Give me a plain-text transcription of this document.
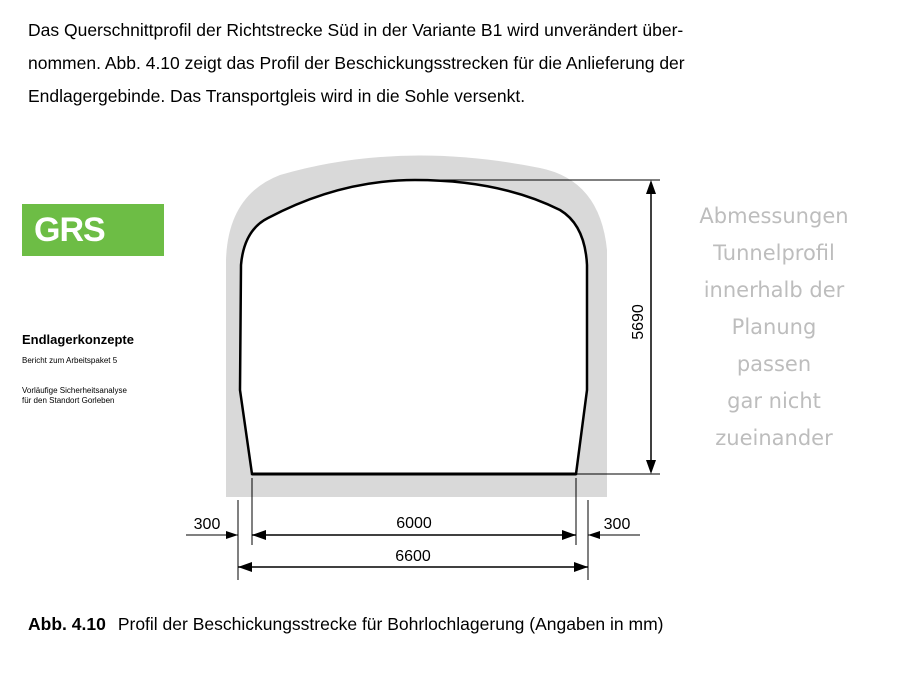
Das Querschnittprofil der Richtstrecke Süd in der Variante B1 wird unverändert über-
nommen. Abb. 4.10 zeigt das Profil der Beschickungsstrecken für die Anlieferung der
Endlagergebinde. Das Transportgleis wird in die Sohle versenkt.

GRS
Endlagerkonzepte
Bericht zum Arbeitspaket 5
Vorläufige Sicherheitsanalyse
für den Standort Gorleben
5690
300	6000	300
6600
Abmessungen
Tunnelprofil
innerhalb der
Planung
passen
gar nicht
zueinander
Abb. 4.10 Profil der Beschickungsstrecke für Bohrlochlagerung (Angaben in mm)
